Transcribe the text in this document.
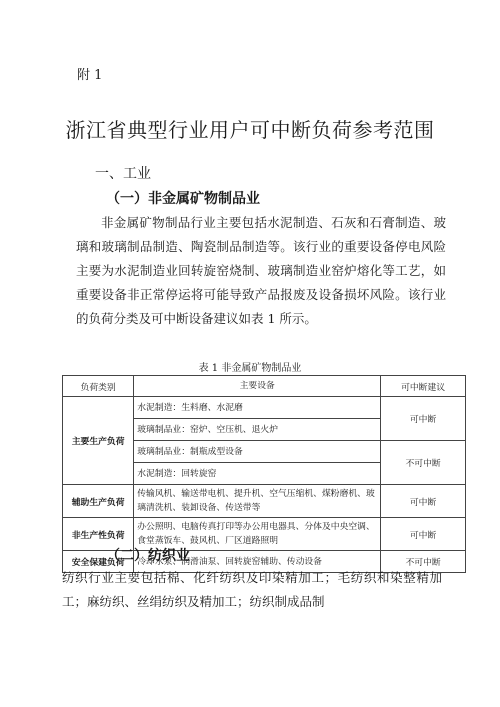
附 1
浙江省典型行业用户可中断负荷参考范围
一、工业
（一）非金属矿物制品业
非金属矿物制品行业主要包括水泥制造、石灰和石膏制造、玻璃和玻璃制品制造、陶瓷制品制造等。该行业的重要设备停电风险主要为水泥制造业回转旋窑烧制、玻璃制造业窑炉熔化等工艺，如重要设备非正常停运将可能导致产品报废及设备损坏风险。该行业的负荷分类及可中断设备建议如表 1 所示。
表 1 非金属矿物制品业
负荷类别	主要设备	可中断建议
主要生产负荷	水泥制造：生料磨、水泥磨	可中断
	玻璃制品业：窑炉、空压机、退火炉	
	玻璃制品业：制瓶成型设备	不可中断
	水泥制造：回转旋窑	
辅助生产负荷	传输风机、输送带电机、提升机、空气压缩机、煤粉磨机、玻璃清洗机、装卸设备、传送带等	可中断
非生产性负荷	办公照明、电脑传真打印等办公用电器具、分体及中央空调、食堂蒸饭车、鼓风机、厂区道路照明	可中断
安全保建负荷	冷却水泵、润滑油泵、回转旋窑辅助、传动设备	不可中断
（二）纺织业
纺织行业主要包括棉、化纤纺织及印染精加工；毛纺织和染整精加工；麻纺织、丝绢纺织及精加工；纺织制成品制
